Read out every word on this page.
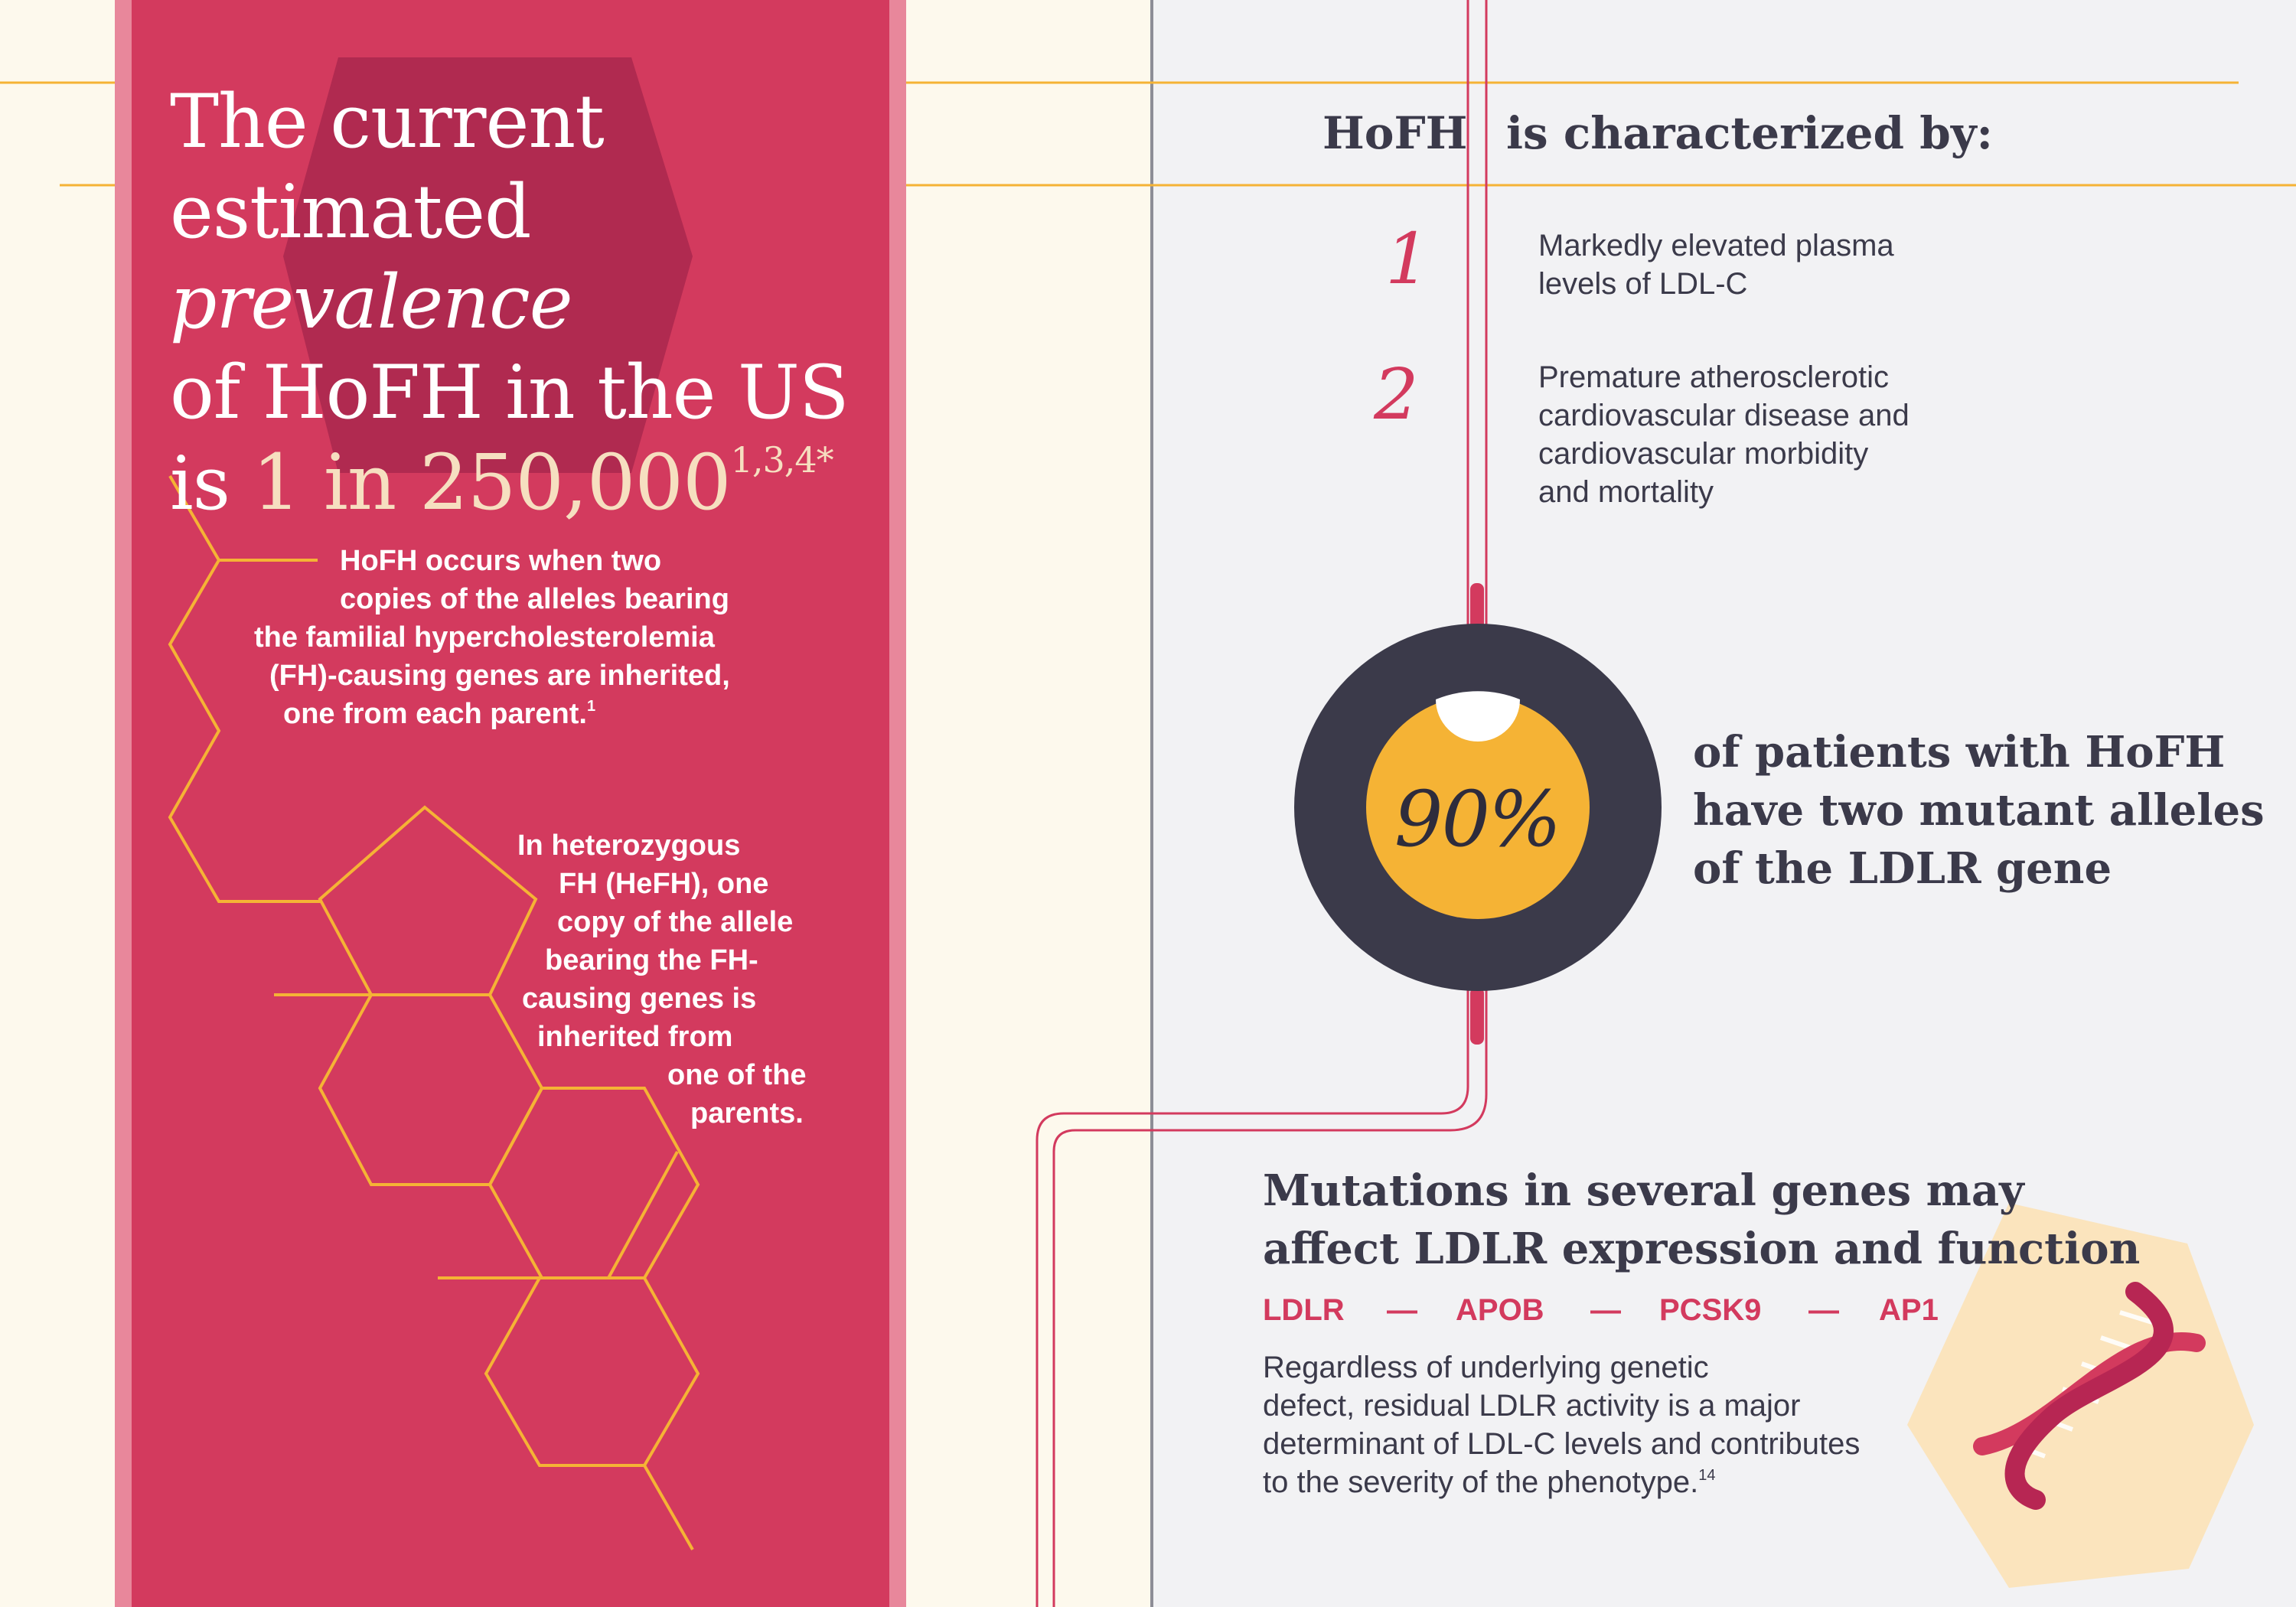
The current
estimated prevalence
of HoFH in the US
is 1 in $250,000^{1,3,4*}$
HoFH occurs when two
copies of the alleles bearing
the familial hypercholesterolemia
(FH)-causing genes are inherited,
one from each parent.$^1$
In heterozygous
FH (HeFH), one
copy of the allele
bearing the FH-
causing genes is
inherited from
one of the
parents.
HoFH is characterized by:
1	Markedly elevated plasma
levels of LDL-C
2	Premature atherosclerotic
cardiovascular disease and
cardiovascular morbidity
and mortality
90%
of patients with HoFH
have two mutant alleles
of the LDLR gene
Mutations in several genes may
affect LDLR expression and function
LDLR — APOB — PCSK9 — AP1
Regardless of underlying genetic
defect, residual LDLR activity is a major
determinant of LDL-C levels and contributes
to the severity of the phenotype.$^{14}$
